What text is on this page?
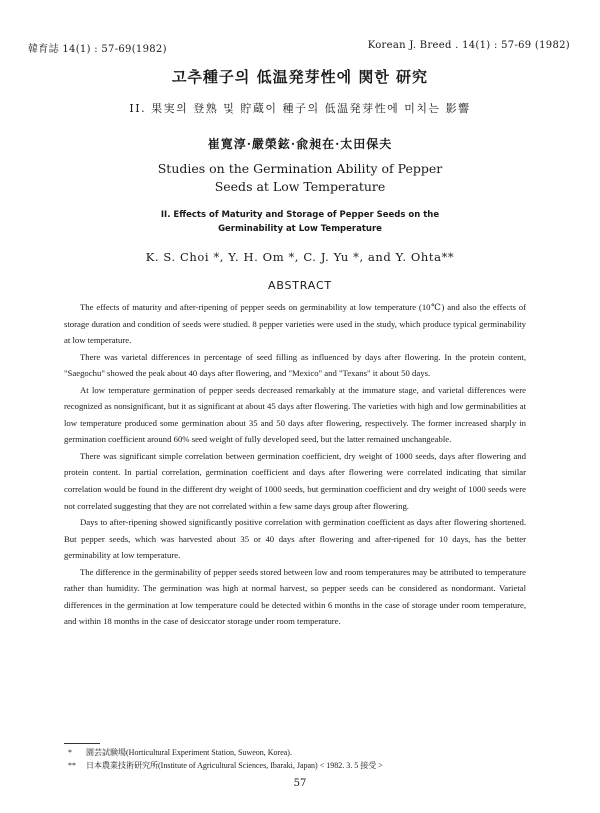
韓育誌 14(1) : 57-69(1982)	Korean J. Breed . 14(1) : 57-69 (1982)
고추種子의 低温発芽性에 関한 研究
II. 果実의 登熟 및 貯蔵이 種子의 低温発芽性에 미치는 影響
崔寛淳·嚴榮鉉·兪昶在·太田保夫
Studies on the Germination Ability of Pepper
Seeds at Low Temperature
II. Effects of Maturity and Storage of Pepper Seeds on the
Germinability at Low Temperature
K. S. Choi *, Y. H. Om *, C. J. Yu *, and Y. Ohta**
ABSTRACT

The effects of maturity and after-ripening of pepper seeds on germinability at low temperature (10℃) and also the effects of storage duration and condition of seeds were studied. 8 pepper varieties were used in the study, which produce typical germinability at low temperature.

There was varietal differences in percentage of seed filling as influenced by days after flowering. In the protein content, "Saegochu" showed the peak about 40 days after flowering, and "Mexico" and "Texans" it about 50 days.

At low temperature germination of pepper seeds decreased remarkably at the immature stage, and varietal differences were recognized as nonsignificant, but it as significant at about 45 days after flowering. The varieties with high and low germinabilities at low temperature produced some germination about 35 and 50 days after flowering, respectively. The former increased sharply in germination coefficient around 60% seed weight of fully developed seed, but the latter remained unchangeable.

There was significant simple correlation between germination coefficient, dry weight of 1000 seeds, days after flowering and protein content. In partial correlation, germination coefficient and days after flowering were correlated indicating that similar correlation would be found in the different dry weight of 1000 seeds, but germination coefficient and dry weight of 1000 seeds were not correlated suggesting that they are not correlated within a few same days group after flowering.

Days to after-ripening showed significantly positive correlation with germination coefficient as days after flowering shortened. But pepper seeds, which was harvested about 35 or 40 days after flowering and after-ripened for 10 days, has the better germinability at low temperature.

The difference in the germinability of pepper seeds stored between low and room temperatures may be attributed to temperature rather than humidity. The germination was high at normal harvest, so pepper seeds can be considered as nondormant. Varietal differences in the germination at low temperature could be detected within 6 months in the case of storage under room temperature, and within 18 months in the case of desiccator storage under room temperature.

*	園芸試験場(Horticultural Experiment Station, Suweon, Korea).
**	日本農業技術研究所(Institute of Agricultural Sciences, Ibaraki, Japan) < 1982. 3. 5 接受 >
57
